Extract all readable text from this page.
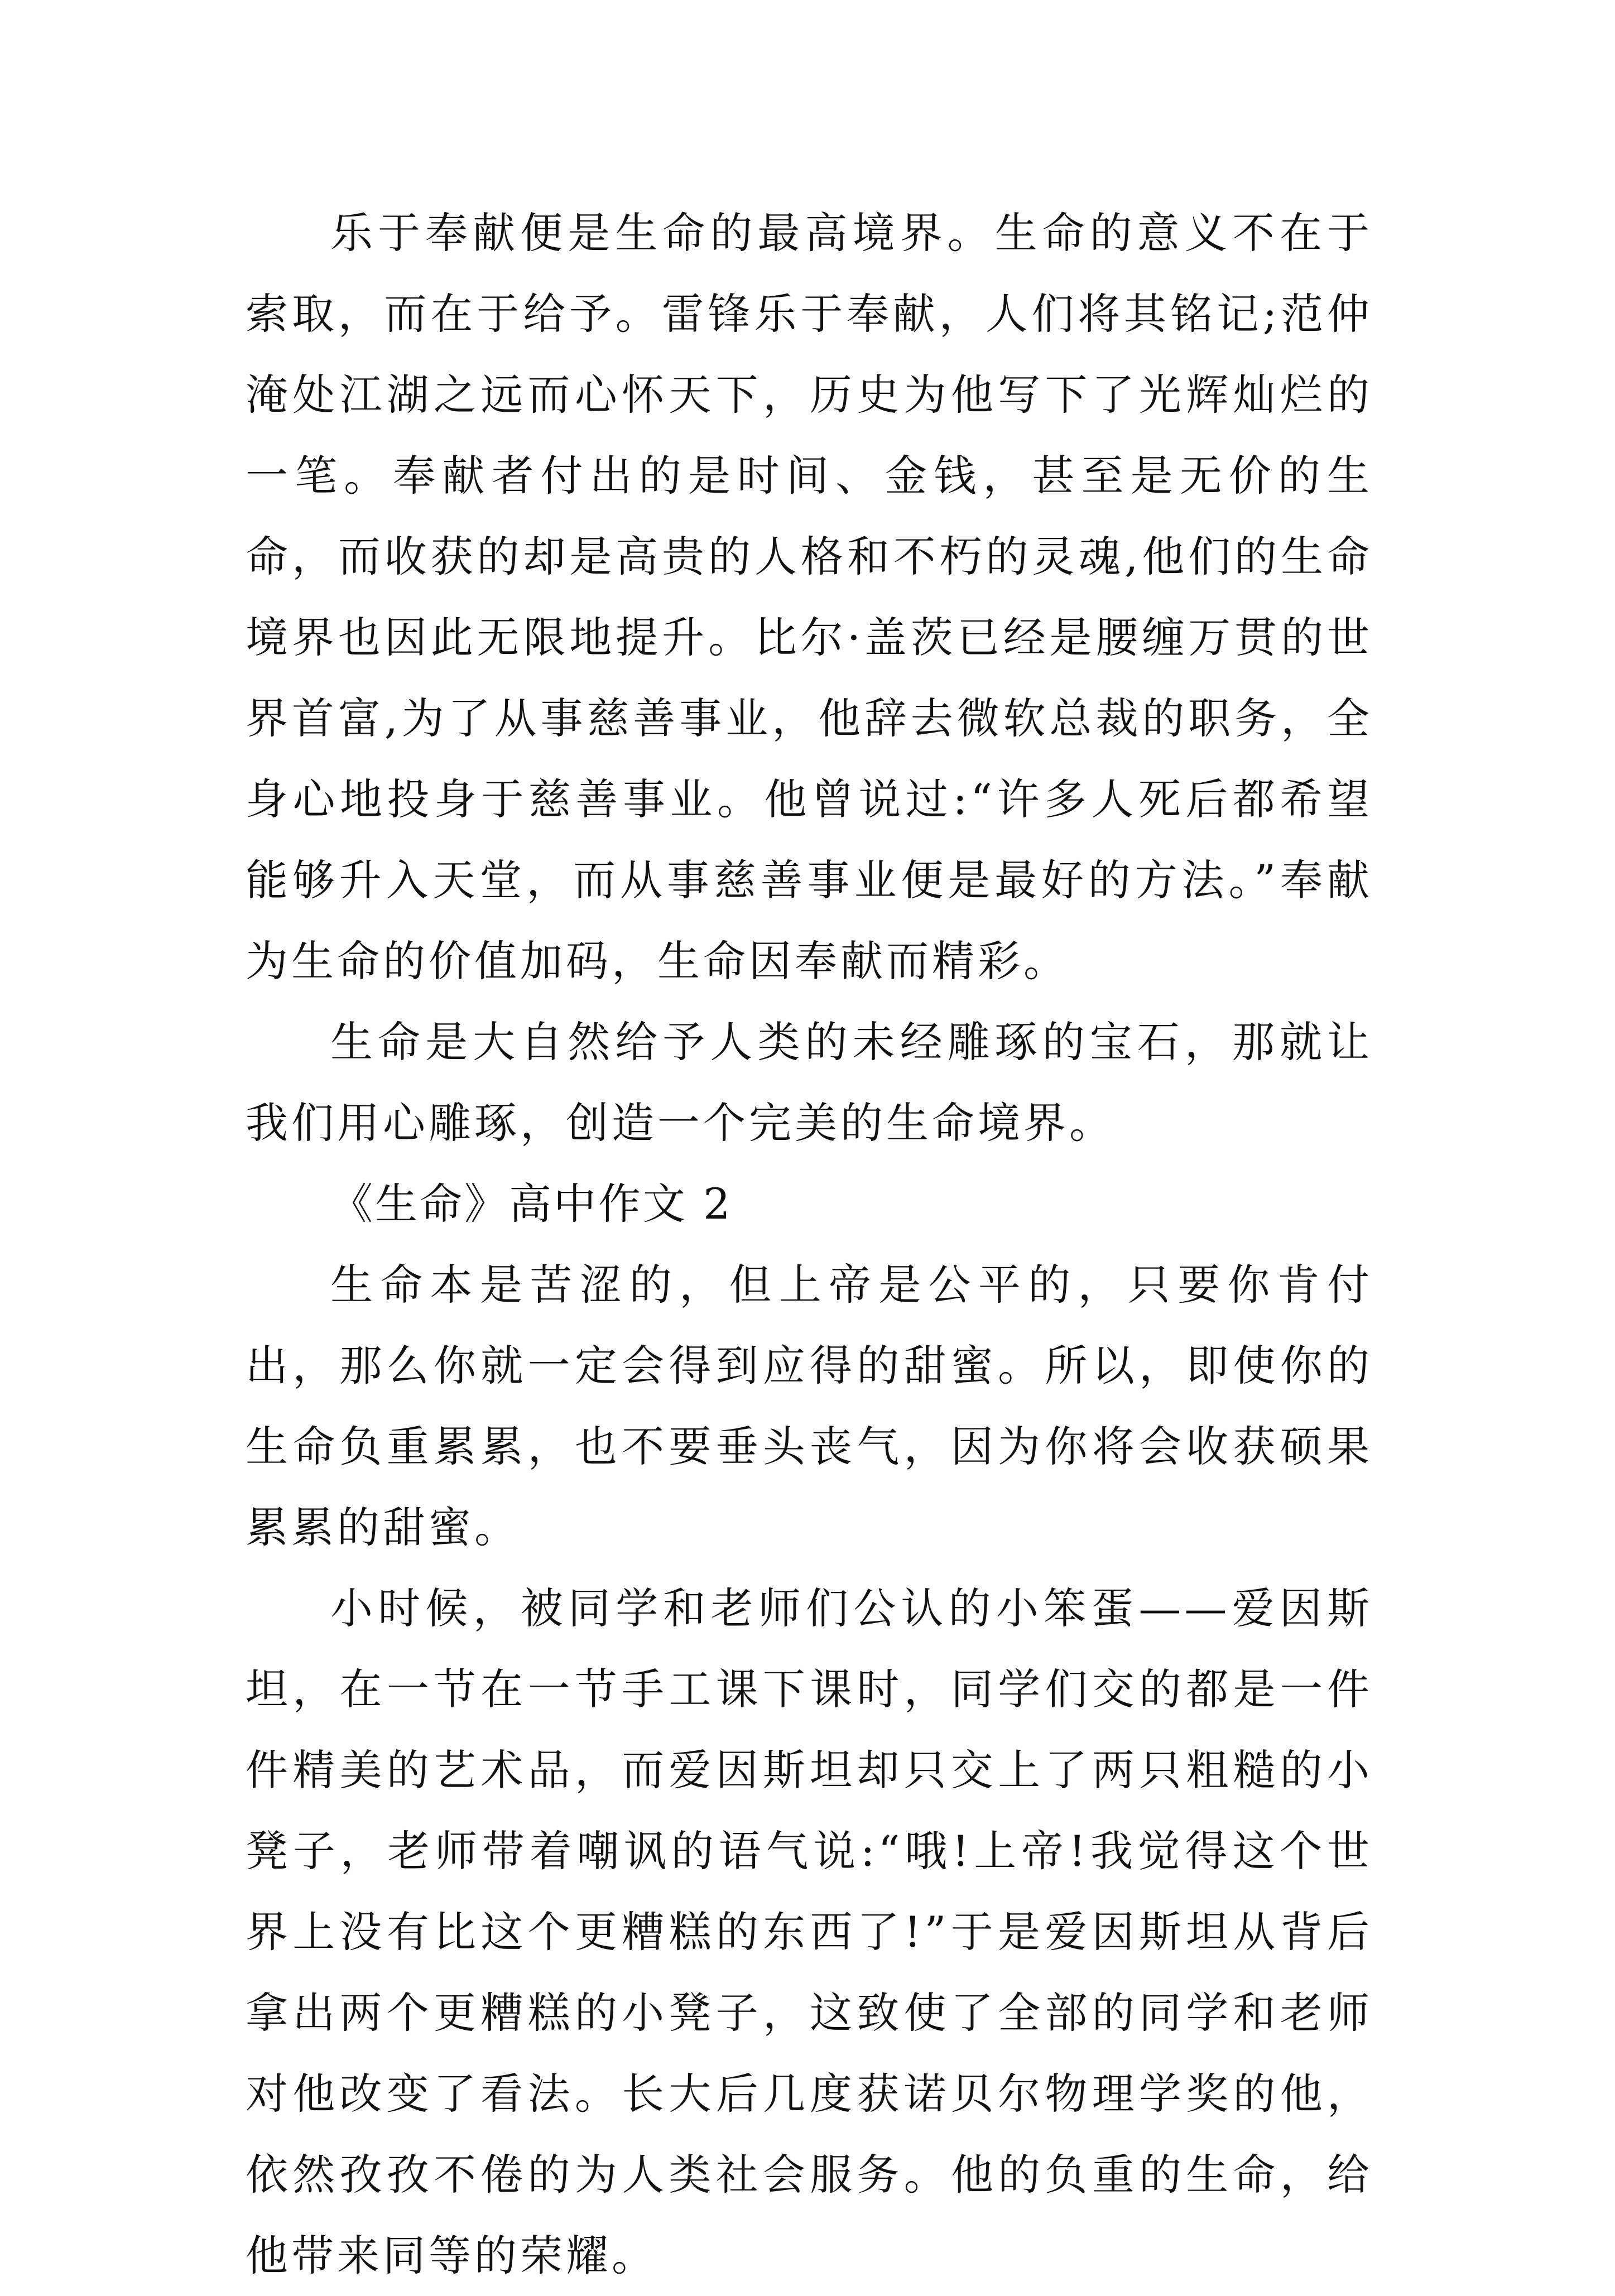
乐于奉献便是生命的最高境界。生命的意义不在于索取，而在于给予。雷锋乐于奉献，人们将其铭记;范仲淹处江湖之远而心怀天下，历史为他写下了光辉灿烂的一笔。奉献者付出的是时间、金钱，甚至是无价的生命，而收获的却是高贵的人格和不朽的灵魂,他们的生命境界也因此无限地提升。比尔·盖茨已经是腰缠万贯的世界首富,为了从事慈善事业，他辞去微软总裁的职务，全身心地投身于慈善事业。他曾说过:“许多人死后都希望能够升入天堂，而从事慈善事业便是最好的方法。”奉献为生命的价值加码，生命因奉献而精彩。

生命是大自然给予人类的未经雕琢的宝石，那就让我们用心雕琢，创造一个完美的生命境界。

《生命》高中作文 2

生命本是苦涩的，但上帝是公平的，只要你肯付出，那么你就一定会得到应得的甜蜜。所以，即使你的生命负重累累，也不要垂头丧气，因为你将会收获硕果累累的甜蜜。

小时候，被同学和老师们公认的小笨蛋——爱因斯坦，在一节在一节手工课下课时，同学们交的都是一件件精美的艺术品，而爱因斯坦却只交上了两只粗糙的小凳子，老师带着嘲讽的语气说:“哦!上帝!我觉得这个世界上没有比这个更糟糕的东西了!”于是爱因斯坦从背后拿出两个更糟糕的小凳子，这致使了全部的同学和老师对他改变了看法。长大后几度获诺贝尔物理学奖的他，依然孜孜不倦的为人类社会服务。他的负重的生命，给他带来同等的荣耀。
